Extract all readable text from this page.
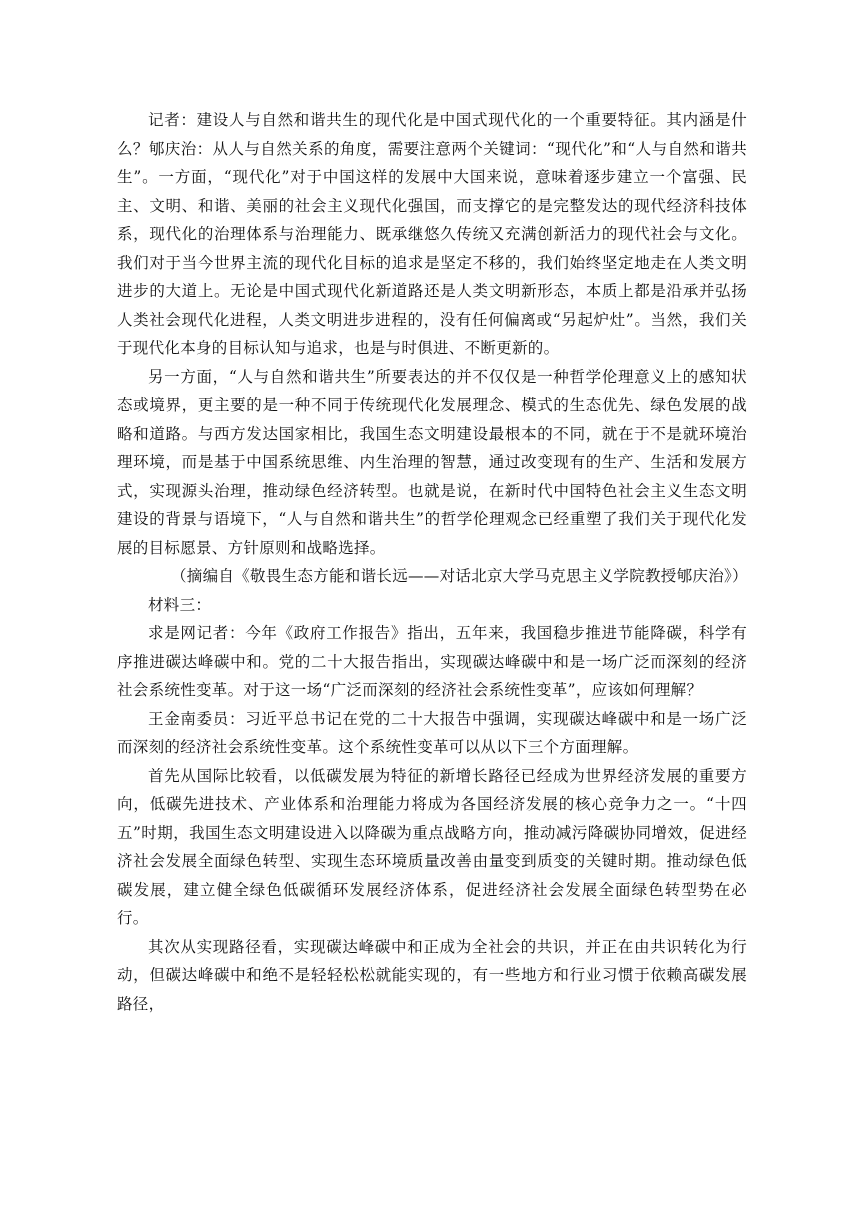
记者：建设人与自然和谐共生的现代化是中国式现代化的一个重要特征。其内涵是什么？郇庆治：从人与自然关系的角度，需要注意两个关键词：“现代化”和“人与自然和谐共生”。一方面，“现代化”对于中国这样的发展中大国来说，意味着逐步建立一个富强、民主、文明、和谐、美丽的社会主义现代化强国，而支撑它的是完整发达的现代经济科技体系，现代化的治理体系与治理能力、既承继悠久传统又充满创新活力的现代社会与文化。我们对于当今世界主流的现代化目标的追求是坚定不移的，我们始终坚定地走在人类文明进步的大道上。无论是中国式现代化新道路还是人类文明新形态，本质上都是沿承并弘扬人类社会现代化进程，人类文明进步进程的，没有任何偏离或“另起炉灶”。当然，我们关于现代化本身的目标认知与追求，也是与时俱进、不断更新的。

另一方面，“人与自然和谐共生”所要表达的并不仅仅是一种哲学伦理意义上的感知状态或境界，更主要的是一种不同于传统现代化发展理念、模式的生态优先、绿色发展的战略和道路。与西方发达国家相比，我国生态文明建设最根本的不同，就在于不是就环境治理环境，而是基于中国系统思维、内生治理的智慧，通过改变现有的生产、生活和发展方式，实现源头治理，推动绿色经济转型。也就是说，在新时代中国特色社会主义生态文明建设的背景与语境下，“人与自然和谐共生”的哲学伦理观念已经重塑了我们关于现代化发展的目标愿景、方针原则和战略选择。

（摘编自《敬畏生态方能和谐长远——对话北京大学马克思主义学院教授郇庆治》）

材料三：

求是网记者：今年《政府工作报告》指出，五年来，我国稳步推进节能降碳，科学有序推进碳达峰碳中和。党的二十大报告指出，实现碳达峰碳中和是一场广泛而深刻的经济社会系统性变革。对于这一场“广泛而深刻的经济社会系统性变革”，应该如何理解？

王金南委员：习近平总书记在党的二十大报告中强调，实现碳达峰碳中和是一场广泛而深刻的经济社会系统性变革。这个系统性变革可以从以下三个方面理解。

首先从国际比较看，以低碳发展为特征的新增长路径已经成为世界经济发展的重要方向，低碳先进技术、产业体系和治理能力将成为各国经济发展的核心竞争力之一。“十四五”时期，我国生态文明建设进入以降碳为重点战略方向，推动减污降碳协同增效，促进经济社会发展全面绿色转型、实现生态环境质量改善由量变到质变的关键时期。推动绿色低碳发展，建立健全绿色低碳循环发展经济体系，促进经济社会发展全面绿色转型势在必行。

其次从实现路径看，实现碳达峰碳中和正成为全社会的共识，并正在由共识转化为行动，但碳达峰碳中和绝不是轻轻松松就能实现的，有一些地方和行业习惯于依赖高碳发展路径，
